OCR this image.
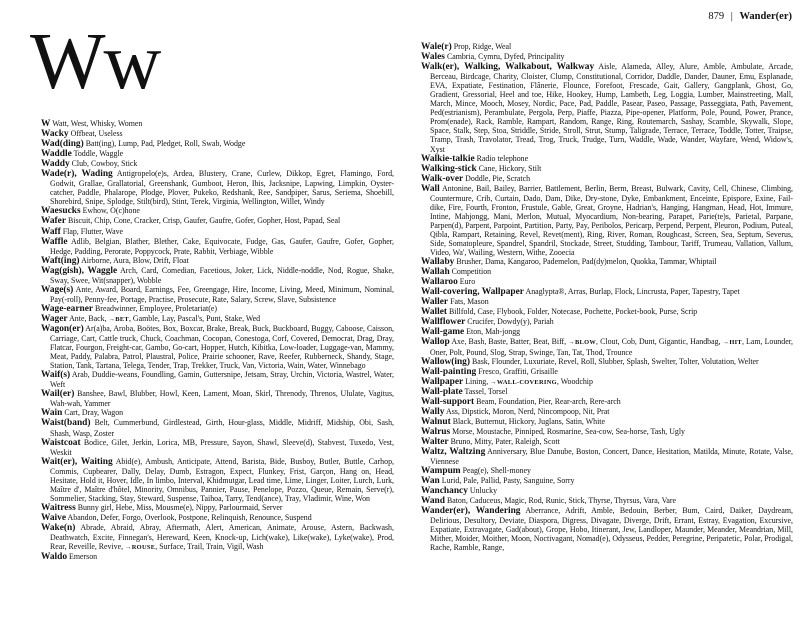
879 | Wander(er)
Ww

W Watt, West, Whisky, Women

Wacky Offbeat, Useless

Wad(ding) Batt(ing), Lump, Pad, Pledget, Roll, Swab, Wodge

Waddle Toddle, Waggle

Waddy Club, Cowboy, Stick

Wade(r), Wading Antigropelo(e)s, Ardea, Blustery, Crane, Curlew, Dikkop, Egret, Flamingo, Ford, Godwit, Grallae, Grallatorial, Greenshank, Gumboot, Heron, Ibis, Jacksnipe, Lapwing, Limpkin, Oyster-catcher, Paddle, Phalarope, Plodge, Plover, Pukeko, Redshank, Ree, Sandpiper, Sarus, Seriema, Shoebill, Shorebird, Snipe, Splodge, Stilt(bird), Stint, Terek, Virginia, Wellington, Willet, Windy

Waesucks Ewhow, O(c)hone

Wafer Biscuit, Chip, Cone, Cracker, Crisp, Gaufer, Gaufre, Gofer, Gopher, Host, Papad, Seal

Waff Flap, Flutter, Wave

Waffle Adlib, Belgian, Blather, Blether, Cake, Equivocate, Fudge, Gas, Gaufer, Gaufre, Gofer, Gopher, Hedge, Padding, Perorate, Poppycock, Prate, Rabbit, Verbiage, Wibble

Waft(ing) Airborne, Aura, Blow, Drift, Float

Wag(gish), Waggle Arch, Card, Comedian, Facetious, Joker, Lick, Niddle-noddle, Nod, Rogue, Shake, Sway, Swee, Wit(snapper), Wobble

Wage(s) Ante, Award, Board, Earnings, Fee, Greengage, Hire, Income, Living, Meed, Minimum, Nominal, Pay(-roll), Penny-fee, Portage, Practise, Prosecute, Rate, Salary, Screw, Slave, Subsistence

Wage-earner Breadwinner, Employee, Proletariat(e)

Wager Ante, Back, →BET, Gamble, Lay, Pascal's, Punt, Stake, Wed

Wagon(er) Ar(a)ba, Aroba, Boötes, Box, Boxcar, Brake, Break, Buck, Buckboard, Buggy, Caboose, Caisson, Carriage, Cart, Cattle truck, Chuck, Coachman, Cocopan, Conestoga, Corf, Covered, Democrat, Drag, Dray, Flatcar, Fourgon, Freight-car, Gambo, Go-cart, Hopper, Hutch, Kibitka, Low-loader, Luggage-van, Mammy, Meat, Paddy, Palabra, Patrol, Plaustral, Police, Prairie schooner, Rave, Reefer, Rubberneck, Shandy, Stage, Station, Tank, Tartana, Telega, Tender, Trap, Trekker, Truck, Van, Victoria, Wain, Water, Winnebago

Waif(s) Arab, Duddie-weans, Foundling, Gamin, Guttersnipe, Jetsam, Stray, Urchin, Victoria, Wastrel, Water, Weft

Wail(er) Banshee, Bawl, Blubber, Howl, Keen, Lament, Moan, Skirl, Threnody, Threnos, Ululate, Vagitus, Wah-wah, Yammer

Wain Cart, Dray, Wagon

Waist(band) Belt, Cummerbund, Girdlestead, Girth, Hour-glass, Middle, Midriff, Midship, Obi, Sash, Shash, Wasp, Zoster

Waistcoat Bodice, Gilet, Jerkin, Lorica, MB, Pressure, Sayon, Shawl, Sleeve(d), Stabvest, Tuxedo, Vest, Weskit

Wait(er), Waiting Abid(e), Ambush, Anticipate, Attend, Barista, Bide, Busboy, Butler, Buttle, Carhop, Commis, Cupbearer, Dally, Delay, Dumb, Estragon, Expect, Flunkey, Frist, Garçon, Hang on, Head, Hesitate, Hold it, Hover, Idle, In limbo, Interval, Khidmutgar, Lead time, Lime, Linger, Loiter, Lurch, Lurk, Maître d', Maître d'hôtel, Minority, Omnibus, Pannier, Pause, Penelope, Pozzo, Queue, Remain, Serve(r), Sommelier, Stacking, Stay, Steward, Suspense, Taihoa, Tarry, Tend(ance), Tray, Vladimir, Wine, Won

Waitress Bunny girl, Hebe, Miss, Mousme(e), Nippy, Parlourmaid, Server

Waive Abandon, Defer, Forgo, Overlook, Postpone, Relinquish, Renounce, Suspend

Wake(n) Abrade, Abraid, Abray, Aftermath, Alert, American, Animate, Arouse, Astern, Backwash, Deathwatch, Excite, Finnegan's, Hereward, Keen, Knock-up, Lich(wake), Like(wake), Lyke(wake), Prod, Rear, Reveille, Revive, →ROUSE, Surface, Trail, Train, Vigil, Wash

Waldo Emerson

Wale(r) Prop, Ridge, Weal

Wales Cambria, Cymru, Dyfed, Principality

Walk(er), Walking, Walkabout, Walkway Aisle, Alameda, Alley, Alure, Amble, Ambulate, Arcade, Berceau, Birdcage, Charity, Cloister, Clump, Constitutional, Corridor, Daddle, Dander, Dauner, Emu, Esplanade, EVA, Expatiate, Festination, Flânerie, Flounce, Forefoot, Frescade, Gait, Gallery, Gangplank, Ghost, Go, Gradient, Gressorial, Heel and toe, Hike, Hookey, Hump, Lambeth, Leg, Loggia, Lumber, Mainstreeting, Mall, March, Mince, Mooch, Mosey, Nordic, Pace, Pad, Paddle, Pasear, Paseo, Passage, Passeggiata, Path, Pavement, Ped(estrianism), Perambulate, Pergola, Perp, Piaffe, Piazza, Pipe-opener, Platform, Pole, Pound, Power, Prance, Prom(enade), Rack, Ramble, Rampart, Random, Range, Ring, Routemarch, Sashay, Scamble, Skywalk, Slope, Space, Stalk, Step, Stoa, Striddle, Stride, Stroll, Strut, Stump, Taligrade, Terrace, Terrace, Toddle, Totter, Traipse, Tramp, Trash, Travolator, Tread, Trog, Truck, Trudge, Turn, Waddle, Wade, Wander, Wayfare, Wend, Widow's, Xyst

Walkie-talkie Radio telephone

Walking-stick Cane, Hickory, Stilt

Walk-over Doddle, Pie, Scratch

Wall Antonine, Bail, Bailey, Barrier, Battlement, Berlin, Berm, Breast, Bulwark, Cavity, Cell, Chinese, Climbing, Countermure, Crib, Curtain, Dado, Dam, Dike, Dry-stone, Dyke, Embankment, Enceinte, Epispore, Exine, Fail-dike, Fire, Fourth, Fronton, Frustule, Gable, Great, Groyne, Hadrian's, Hanging, Hangman, Head, Hot, Immure, Intine, Mahjongg, Mani, Merlon, Mutual, Myocardium, Non-bearing, Parapet, Parie(te)s, Parietal, Parpane, Parpen(d), Parpent, Parpoint, Partition, Party, Pay, Peribolos, Pericarp, Perpend, Perpent, Pleuron, Podium, Puteal, Qibla, Rampart, Retaining, Revel, Revet(ment), Ring, River, Roman, Roughcast, Screen, Sea, Septum, Severus, Side, Somatopleure, Spandrel, Spandril, Stockade, Street, Studding, Tambour, Tariff, Trumeau, Vallation, Vallum, Video, Wa', Wailing, Western, Withe, Zooecia

Wallaby Brusher, Dama, Kangaroo, Pademelon, Pad(dy)melon, Quokka, Tammar, Whiptail

Wallah Competition

Wallaroo Euro

Wall-covering, Wallpaper Anaglypta®, Arras, Burlap, Flock, Lincrusta, Paper, Tapestry, Tapet

Waller Fats, Mason

Wallet Billfold, Case, Flybook, Folder, Notecase, Pochette, Pocket-book, Purse, Scrip

Wallflower Crucifer, Dowdy(y), Pariah

Wall-game Eton, Mah-jongg

Wallop Axe, Bash, Baste, Batter, Beat, Biff, →BLOW, Clout, Cob, Dunt, Gigantic, Handbag, →HIT, Lam, Lounder, Oner, Polt, Pound, Slog, Strap, Swinge, Tan, Tat, Thod, Trounce

Wallow(ing) Bask, Flounder, Luxuriate, Revel, Roll, Slubber, Splash, Swelter, Tolter, Volutation, Welter

Wall-painting Fresco, Graffiti, Grisaille

Wallpaper Lining, →WALL-COVERING, Woodchip

Wall-plate Tassel, Torsel

Wall-support Beam, Foundation, Pier, Rear-arch, Rere-arch

Wally Ass, Dipstick, Moron, Nerd, Nincompoop, Nit, Prat

Walnut Black, Butternut, Hickory, Juglans, Satin, White

Walrus Morse, Moustache, Pinniped, Rosmarine, Sea-cow, Sea-horse, Tash, Ugly

Walter Bruno, Mitty, Pater, Raleigh, Scott

Waltz, Waltzing Anniversary, Blue Danube, Boston, Concert, Dance, Hesitation, Matilda, Minute, Rotate, Valse, Viennese

Wampum Peag(e), Shell-money

Wan Lurid, Pale, Pallid, Pasty, Sanguine, Sorry

Wanchancy Unlucky

Wand Baton, Caduceus, Magic, Rod, Runic, Stick, Thyrse, Thyrsus, Vara, Vare

Wander(er), Wandering Aberrance, Adrift, Amble, Bedouin, Berber, Bum, Caird, Daiker, Daydream, Delirious, Desultory, Deviate, Diaspora, Digress, Divagate, Diverge, Drift, Errant, Estray, Evagation, Excursive, Expatiate, Extravagate, Gad(about), Grope, Hobo, Itinerant, Jew, Landloper, Maunder, Meander, Meandrian, Mill, Mither, Moider, Moither, Moon, Noctivagant, Nomad(e), Odysseus, Pedder, Peregrine, Peripatetic, Polar, Prodigal, Rache, Ramble, Range,
